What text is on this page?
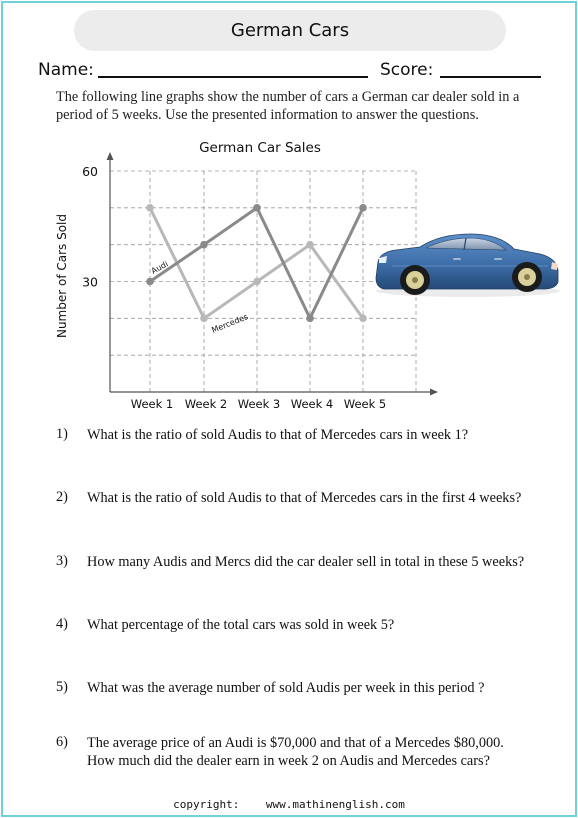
German Cars
Name:	Score:
The following line graphs show the number of cars a German car dealer sold in a period of 5 weeks. Use the presented information to answer the questions.
German Car Sales
30
60
Week 1 Week 2 Week 3 Week 4 Week 5
Number of Cars Sold	Audi
Mercedes
1) What is the ratio of sold Audis to that of Mercedes cars in week 1?
2) What is the ratio of sold Audis to that of Mercedes cars in the first 4 weeks?
3) How many Audis and Mercs did the car dealer sell in total in these 5 weeks?
4) What percentage of the total cars was sold in week 5?
5) What was the average number of sold Audis per week in this period ?
6) The average price of an Audi is $70,000 and that of a Mercedes $80,000. How much did the dealer earn in week 2 on Audis and Mercedes cars?
copyright: www.mathinenglish.com
